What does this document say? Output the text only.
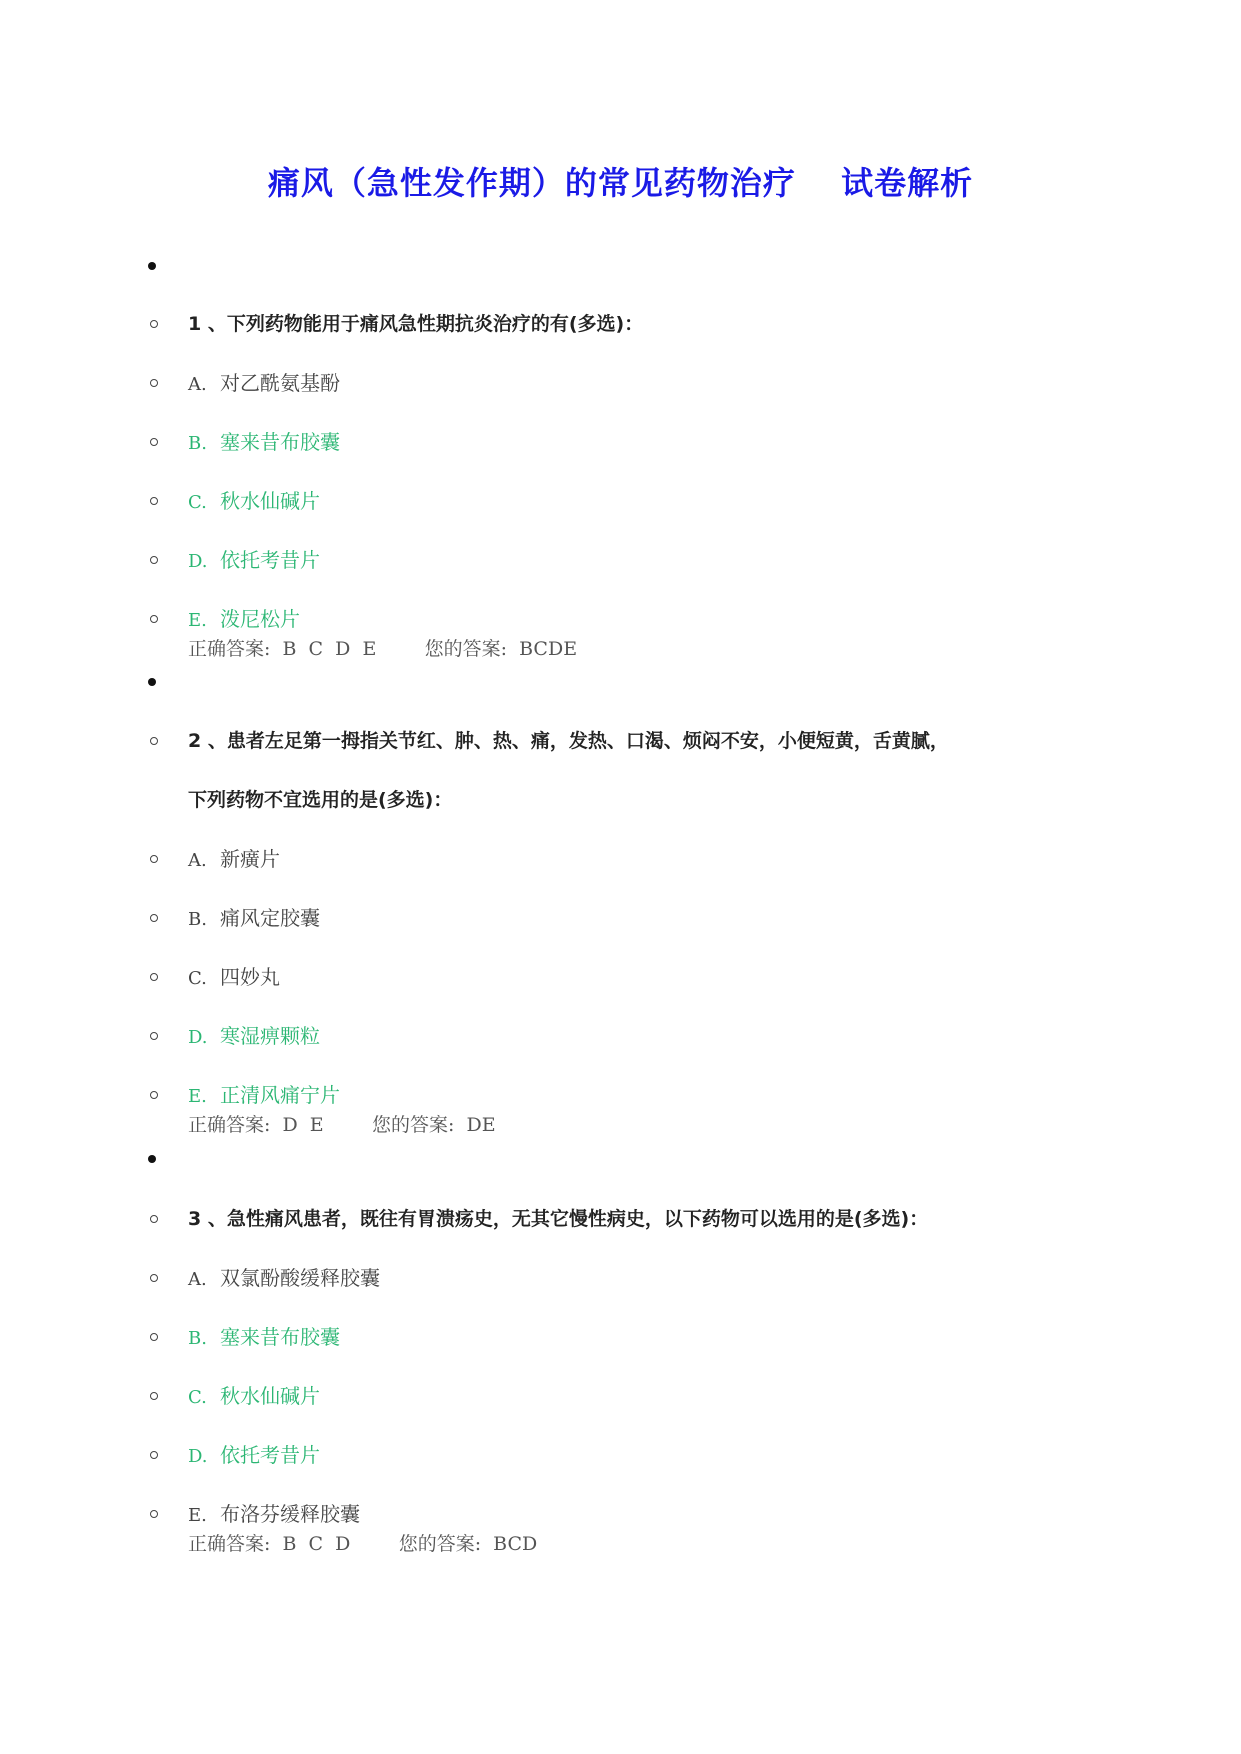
痛风（急性发作期）的常见药物治疗　 试卷解析
1 、下列药物能用于痛风急性期抗炎治疗的有(多选)：
A. 对乙酰氨基酚
B. 塞来昔布胶囊
C. 秋水仙碱片
D. 依托考昔片
E. 泼尼松片
正确答案:  B  C  D  E        您的答案:  BCDE
2 、患者左足第一拇指关节红、肿、热、痛，发热、口渴、烦闷不安，小便短黄，舌黄腻，
下列药物不宜选用的是(多选)：
A. 新癀片
B. 痛风定胶囊
C. 四妙丸
D. 寒湿痹颗粒
E. 正清风痛宁片
正确答案:  D  E        您的答案:  DE
3 、急性痛风患者，既往有胃溃疡史，无其它慢性病史，以下药物可以选用的是(多选)：
A. 双氯酚酸缓释胶囊
B. 塞来昔布胶囊
C. 秋水仙碱片
D. 依托考昔片
E. 布洛芬缓释胶囊
正确答案:  B  C  D        您的答案:  BCD
